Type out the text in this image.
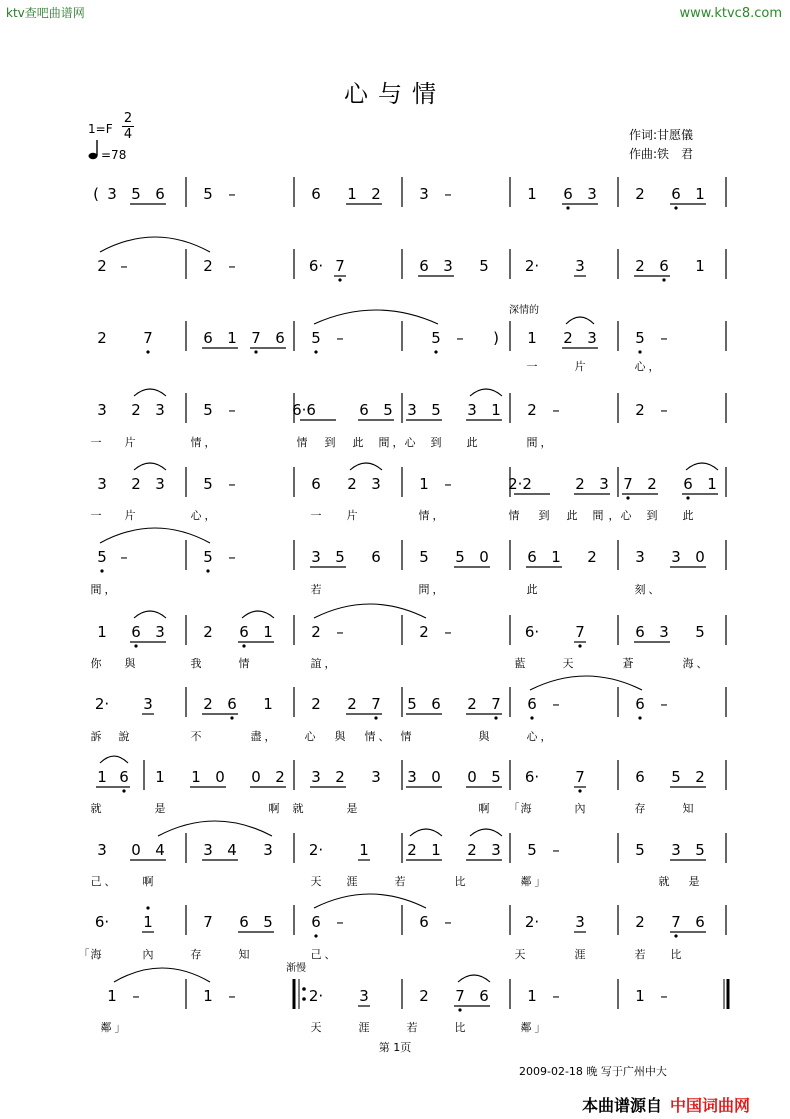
ktv查吧曲谱网	www.ktvc8.com
心与情
$1=F \frac{2}{4}$
=78
作词:甘愿儀
作曲:铁　君
( 3 5 6	5 –	6 1 2	3 –	1 6 3	2 6 1
2 –	2 –	6· 7	6 3 5 2· 3	2 6 1
2 7	6 1 7 6 5 –	5 – ) 1 2 3	5 –
一	片	心 ，
深情的
3 2 3	5 –	6·6	6 5 3 5 3 1 2 –	2 –
一 片	情 ，	情 到 此 間 ， 心 到 此	間 ，
3 2 3	5 –	6 2 3	1 –	2·2	2 3 7 2 6 1
一 片	心 ，	一 片	情 ，	情 到 此 間 ， 心 到 此
5 –	5 –	3 5 6	5 5 0	6 1 2	3 3 0
間 ，	若	問 ，	此	刻 、
1 6 3	2 6 1	2 –	2 –	6· 7	6 3 5
你 與	我	情	誼 ，	藍	天	蒼	海 、
2· 3	2 6 1	2 2 7 5 6 2 7 6 –	6 –
訴 說	不	盡 ，	心 與 情 、 情	與	心 ，
1 6 1 1 0 0 2 3 2 3 3 0 0 5 6· 7	6 5 2
就	是	啊 就	是	啊 「 海	內	存	知
3 0 4	3 4 3 2· 1	2 1 2 3 5 –	5 3 5
己 、 啊	天 涯	若	比	鄰 」	就 是
6· 1	7 6 5	6 –	6 –	2· 3	2 7 6
「 海	內	存	知	己 、	天	涯	若 比
1 –	1 –	2· 3	2 7 6	1 –	1 –
鄰 」	天	涯	若	比	鄰 」
渐慢
第 1页
2009-02-18 晚 写于广州中大
本曲谱源自 中国词曲网
